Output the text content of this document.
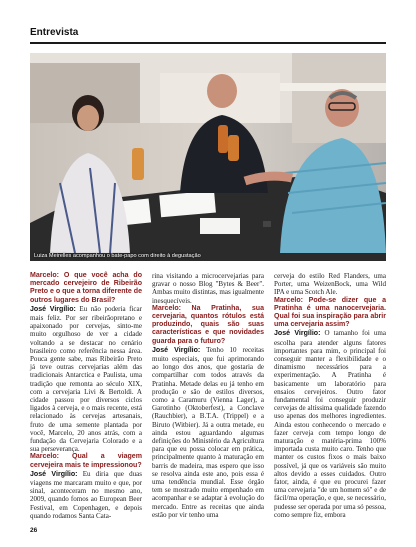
Entrevista
Luiza Meirelles acompanhou o bate-papo com direito à degustação

Marcelo: O que você acha do mercado cervejeiro de Ribeirão Preto e o que a torna diferente de outros lugares do Brasil?

José Virgílio: Eu não poderia ficar mais feliz. Por ser ribeirãopretano e apaixonado por cervejas, sinto-me muito orgulhoso de ver a cidade voltando a se destacar no cenário brasileiro como referência nessa área. Pouca gente sabe, mas Ribeirão Preto já teve outras cervejarias além das tradicionais Antarctica e Paulista, uma tradição que remonta ao século XIX, com a cervejaria Livi & Bertoldi. A cidade passou por diversos ciclos ligados à cerveja, e o mais recente, está relacionado às cervejas artesanais, fruto de uma semente plantada por você, Marcelo, 20 anos atrás, com a fundação da Cervejaria Colorado e a sua perseverança.

Marcelo: Qual a viagem cervejeira mais te impressionou?

José Virgílio: Eu diria que duas viagens me marcaram muito e que, por sinal, aconteceram no mesmo ano, 2009, quando fomos ao European Beer Festival, em Copenhagen, e depois quando rodamos Santa Cata-

rina visitando a microcervejarias para gravar o nosso Blog "Bytes & Beer". Ambas muito distintas, mas igualmente inesquecíveis.

Marcelo: Na Pratinha, sua cervejaria, quantos rótulos está produzindo, quais são suas características e que novidades guarda para o futuro?

José Virgílio: Tenho 10 receitas muito especiais, que fui aprimorando ao longo dos anos, que gostaria de compartilhar com todos através da Pratinha. Metade delas eu já tenho em produção e são de estilos diversos, como a Caramuru (Vienna Lager), a Garotinho (Oktoberfest), a Conclave (Rauchbier), a B.T.A. (Trippel) e a Biruto (Witbier). Já a outra metade, eu ainda estou aguardando algumas definições do Ministério da Agricultura para que eu possa colocar em prática, principalmente quanto à maturação em barris de madeira, mas espero que isso se resolva ainda este ano, pois essa é uma tendência mundial. Esse órgão tem se mostrado muito empenhado em acompanhar e se adaptar à evolução do mercado. Entre as receitas que ainda estão por vir tenho uma

cerveja do estilo Red Flanders, uma Porter, uma WeizenBock, uma Wild IPA e uma Scotch Ale.

Marcelo: Pode-se dizer que a Pratinha é uma nanocervejaria. Qual foi sua inspiração para abrir uma cervejaria assim?

José Virgílio: O tamanho foi uma escolha para atender alguns fatores importantes para mim, o principal foi conseguir manter a flexibilidade e o dinamismo necessários para a experimentação. A Pratinha é basicamente um laboratório para ensaios cervejeiros. Outro fator fundamental foi conseguir produzir cervejas de altíssima qualidade fazendo uso apenas dos melhores ingredientes. Ainda estou conhecendo o mercado e fazer cerveja com tempo longo de maturação e matéria-prima 100% importada custa muito caro. Tenho que manter os custos fixos o mais baixo possível, já que os variáveis são muito altos devido a esses cuidados. Outro fator, ainda, é que eu procurei fazer uma cervejaria "de um homem só" e de fácil/ma operação, e que, se necessário, pudesse ser operada por uma só pessoa, como sempre fiz, embora

26
